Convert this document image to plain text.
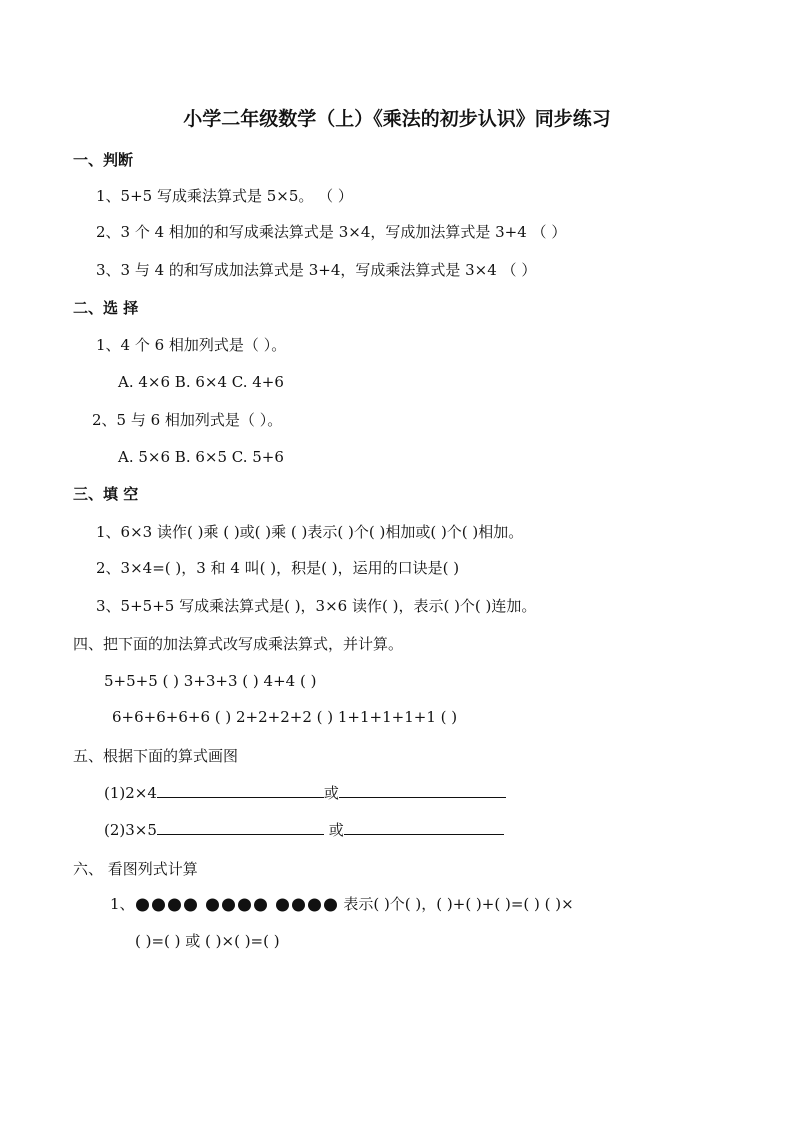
小学二年级数学（上）《乘法的初步认识》同步练习
一、判断
1、5+5 写成乘法算式是 5×5。 （ ）
2、3 个 4 相加的和写成乘法算式是 3×4，写成加法算式是 3+4 （ ）
3、3 与 4 的和写成加法算式是 3+4，写成乘法算式是 3×4 （ ）
二、选 择
1、4 个 6 相加列式是（ ）。
A. 4×6 B. 6×4 C. 4+6
2、5 与 6 相加列式是（ ）。
A. 5×6 B. 6×5 C. 5+6
三、填 空
1、6×3 读作( )乘 ( )或( )乘 ( )表示( )个( )相加或( )个( )相加。
2、3×4=( )，3 和 4 叫( )，积是( )，运用的口诀是( )
3、5+5+5 写成乘法算式是( )，3×6 读作( )，表示( )个( )连加。
四、把下面的加法算式改写成乘法算式，并计算。
5+5+5 ( ) 3+3+3 ( ) 4+4 ( )
6+6+6+6+6 ( ) 2+2+2+2 ( ) 1+1+1+1+1 ( )
五、根据下面的算式画图
(1)2×4	或
(2)3×5	或
六、 看图列式计算
1、	表示( )个( )，( )+( )+( )=( ) ( )×
( )=( ) 或 ( )×( )=( )
